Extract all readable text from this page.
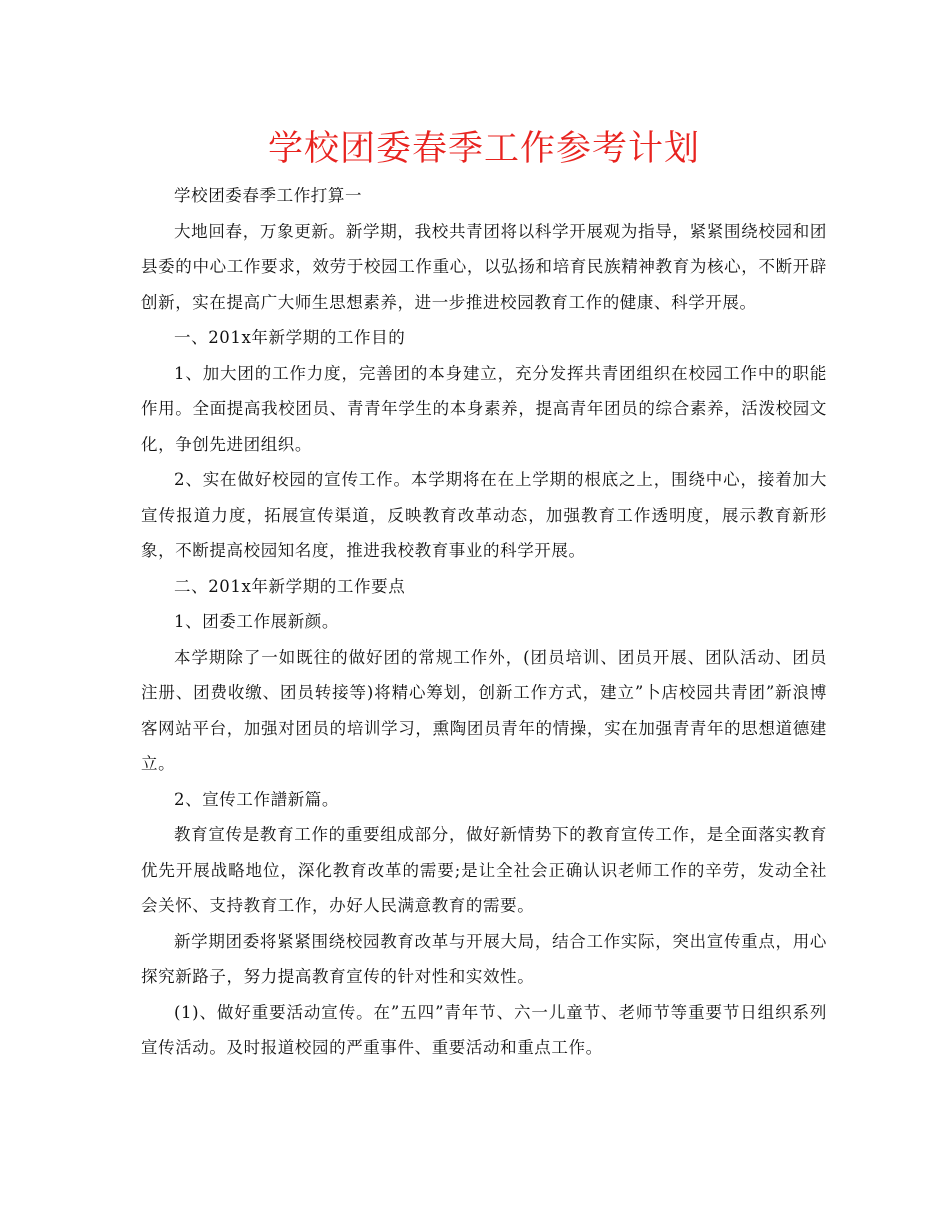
学校团委春季工作参考计划

学校团委春季工作打算一

大地回春，万象更新。新学期，我校共青团将以科学开展观为指导，紧紧围绕校园和团县委的中心工作要求，效劳于校园工作重心，以弘扬和培育民族精神教育为核心，不断开辟创新，实在提高广大师生思想素养，进一步推进校园教育工作的健康、科学开展。

一、201x年新学期的工作目的

1、加大团的工作力度，完善团的本身建立，充分发挥共青团组织在校园工作中的职能作用。全面提高我校团员、青青年学生的本身素养，提高青年团员的综合素养，活泼校园文化，争创先进团组织。

2、实在做好校园的宣传工作。本学期将在在上学期的根底之上，围绕中心，接着加大宣传报道力度，拓展宣传渠道，反映教育改革动态，加强教育工作透明度，展示教育新形象，不断提高校园知名度，推进我校教育事业的科学开展。

二、201x年新学期的工作要点

1、团委工作展新颜。

本学期除了一如既往的做好团的常规工作外，(团员培训、团员开展、团队活动、团员注册、团费收缴、团员转接等)将精心筹划，创新工作方式，建立”卜店校园共青团”新浪博客网站平台，加强对团员的培训学习，熏陶团员青年的情操，实在加强青青年的思想道德建立。

2、宣传工作譜新篇。

教育宣传是教育工作的重要组成部分，做好新情势下的教育宣传工作，是全面落实教育优先开展战略地位，深化教育改革的需要;是让全社会正确认识老师工作的辛劳，发动全社会关怀、支持教育工作，办好人民满意教育的需要。

新学期团委将紧紧围绕校园教育改革与开展大局，结合工作实际，突出宣传重点，用心探究新路子，努力提高教育宣传的针对性和实效性。

(1)、做好重要活动宣传。在”五四”青年节、六一儿童节、老师节等重要节日组织系列宣传活动。及时报道校园的严重事件、重要活动和重点工作。
